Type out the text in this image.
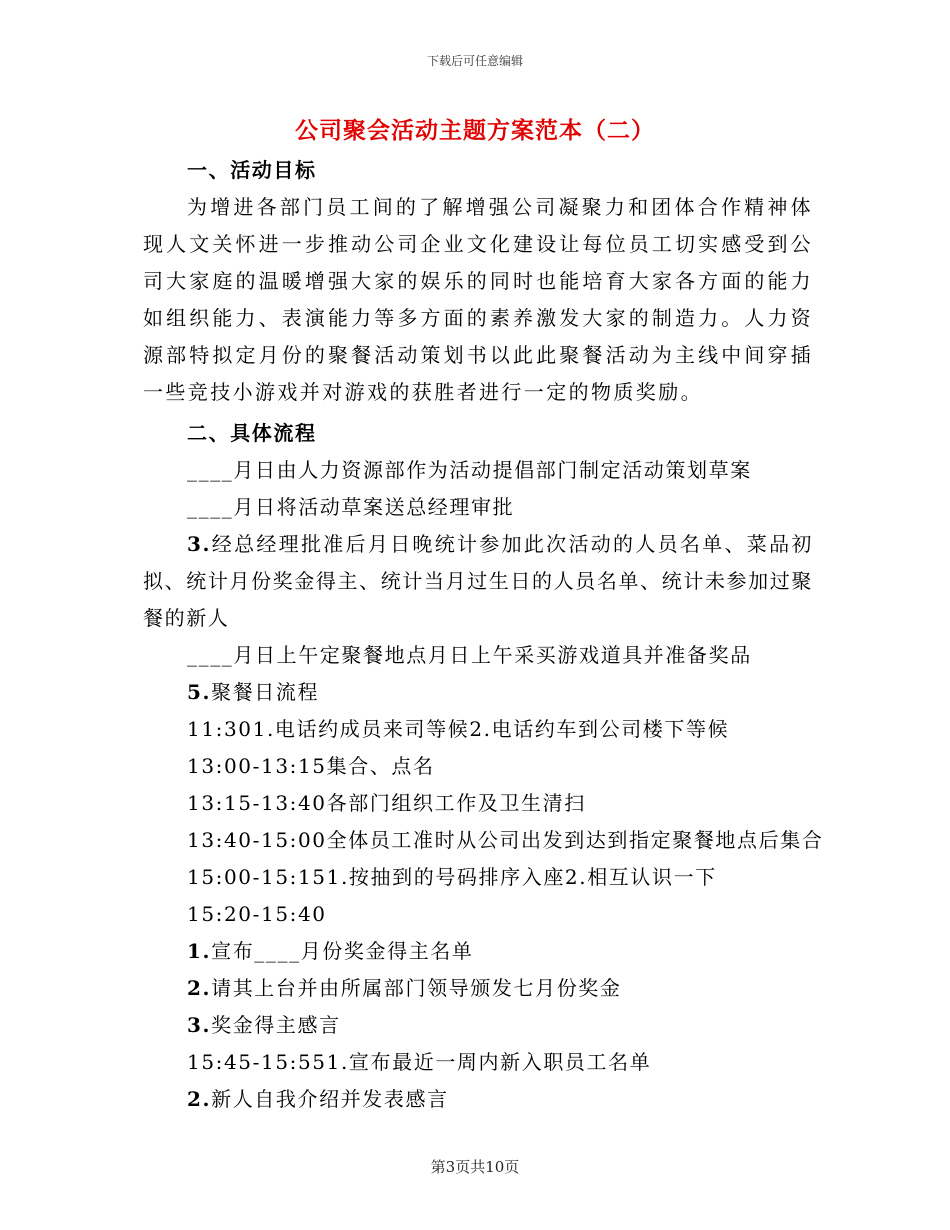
下载后可任意编辑
公司聚会活动主题方案范本（二）

一、活动目标

为增进各部门员工间的了解增强公司凝聚力和团体合作精神体现人文关怀进一步推动公司企业文化建设让每位员工切实感受到公司大家庭的温暖增强大家的娱乐的同时也能培育大家各方面的能力如组织能力、表演能力等多方面的素养激发大家的制造力。人力资源部特拟定月份的聚餐活动策划书以此此聚餐活动为主线中间穿插一些竞技小游戏并对游戏的获胜者进行一定的物质奖励。

二、具体流程

____月日由人力资源部作为活动提倡部门制定活动策划草案

____月日将活动草案送总经理审批

3.经总经理批准后月日晚统计参加此次活动的人员名单、菜品初拟、统计月份奖金得主、统计当月过生日的人员名单、统计未参加过聚餐的新人

____月日上午定聚餐地点月日上午采买游戏道具并准备奖品

5.聚餐日流程

11:301.电话约成员来司等候2.电话约车到公司楼下等候

13:00-13:15集合、点名

13:15-13:40各部门组织工作及卫生清扫

13:40-15:00全体员工准时从公司出发到达到指定聚餐地点后集合

15:00-15:151.按抽到的号码排序入座2.相互认识一下

15:20-15:40

1.宣布____月份奖金得主名单

2.请其上台并由所属部门领导颁发七月份奖金

3.奖金得主感言

15:45-15:551.宣布最近一周内新入职员工名单

2.新人自我介绍并发表感言

第3页共10页
